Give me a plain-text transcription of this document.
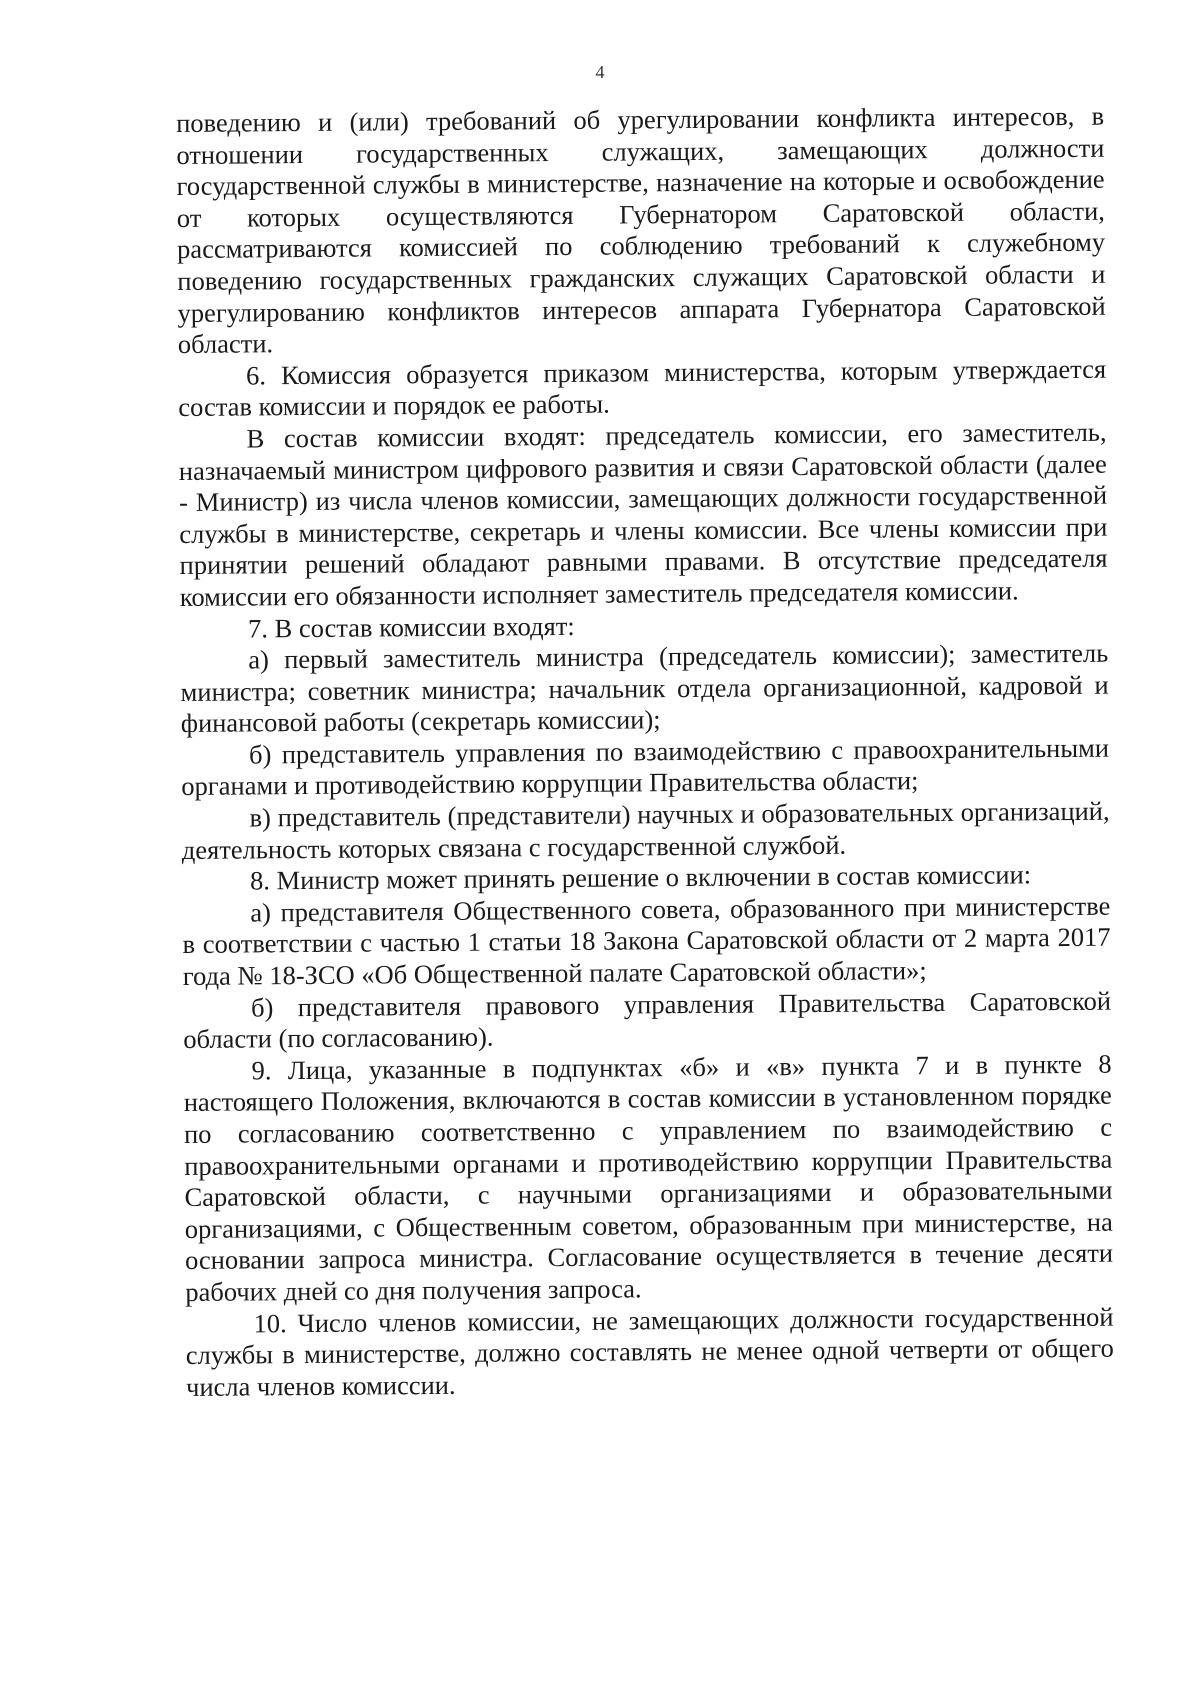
4

поведению и (или) требований об урегулировании конфликта интересов, в отношении государственных служащих, замещающих должности государственной службы в министерстве, назначение на которые и освобождение от которых осуществляются Губернатором Саратовской области, рассматриваются комиссией по соблюдению требований к служебному поведению государственных гражданских служащих Саратовской области и урегулированию конфликтов интересов аппарата Губернатора Саратовской области.

6. Комиссия образуется приказом министерства, которым утверждается состав комиссии и порядок ее работы.

В состав комиссии входят: председатель комиссии, его заместитель, назначаемый министром цифрового развития и связи Саратовской области (далее - Министр) из числа членов комиссии, замещающих должности государственной службы в министерстве, секретарь и члены комиссии. Все члены комиссии при принятии решений обладают равными правами. В отсутствие председателя комиссии его обязанности исполняет заместитель председателя комиссии.

7. В состав комиссии входят:

а) первый заместитель министра (председатель комиссии); заместитель министра; советник министра; начальник отдела организационной, кадровой и финансовой работы (секретарь комиссии);

б) представитель управления по взаимодействию с правоохранительными органами и противодействию коррупции Правительства области;

в) представитель (представители) научных и образовательных организаций, деятельность которых связана с государственной службой.

8. Министр может принять решение о включении в состав комиссии:

а) представителя Общественного совета, образованного при министерстве в соответствии с частью 1 статьи 18 Закона Саратовской области от 2 марта 2017 года № 18-ЗСО «Об Общественной палате Саратовской области»;

б) представителя правового управления Правительства Саратовской области (по согласованию).

9. Лица, указанные в подпунктах «б» и «в» пункта 7 и в пункте 8 настоящего Положения, включаются в состав комиссии в установленном порядке по согласованию соответственно с управлением по взаимодействию с правоохранительными органами и противодействию коррупции Правительства Саратовской области, с научными организациями и образовательными организациями, с Общественным советом, образованным при министерстве, на основании запроса министра. Согласование осуществляется в течение десяти рабочих дней со дня получения запроса.

10. Число членов комиссии, не замещающих должности государственной службы в министерстве, должно составлять не менее одной четверти от общего числа членов комиссии.
